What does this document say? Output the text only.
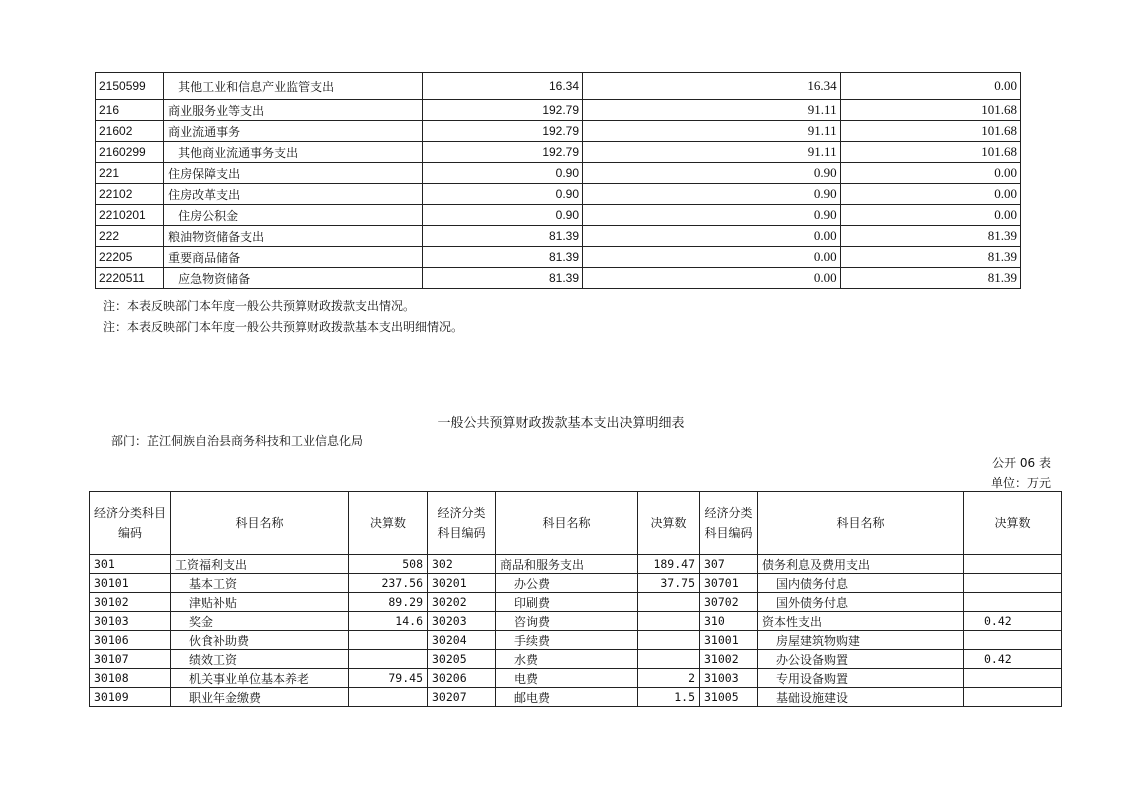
2150599	其他工业和信息产业监管支出	16.34	16.34	0.00
216	商业服务业等支出	192.79	91.11	101.68
21602	商业流通事务	192.79	91.11	101.68
2160299	其他商业流通事务支出	192.79	91.11	101.68
221	住房保障支出	0.90	0.90	0.00
22102	住房改革支出	0.90	0.90	0.00
2210201	住房公积金	0.90	0.90	0.00
222	粮油物资储备支出	81.39	0.00	81.39
22205	重要商品储备	81.39	0.00	81.39
2220511	应急物资储备	81.39	0.00	81.39
注：本表反映部门本年度一般公共预算财政拨款支出情况。
注：本表反映部门本年度一般公共预算财政拨款基本支出明细情况。
一般公共预算财政拨款基本支出决算明细表
部门：芷江侗族自治县商务科技和工业信息化局
公开 06 表
单位：万元
经济分类科目编码	科目名称	决算数	经济分类科目编码	科目名称	决算数	经济分类科目编码	科目名称	决算数
301	工资福利支出	508	302	商品和服务支出	189.47	307	债务利息及费用支出	
30101	基本工资	237.56	30201	办公费	37.75	30701	国内债务付息	
30102	津贴补贴	89.29	30202	印刷费		30702	国外债务付息	
30103	奖金	14.6	30203	咨询费		310	资本性支出	0.42
30106	伙食补助费		30204	手续费		31001	房屋建筑物购建	
30107	绩效工资		30205	水费		31002	办公设备购置	0.42
30108	机关事业单位基本养老	79.45	30206	电费	2	31003	专用设备购置	
30109	职业年金缴费		30207	邮电费	1.5	31005	基础设施建设	
